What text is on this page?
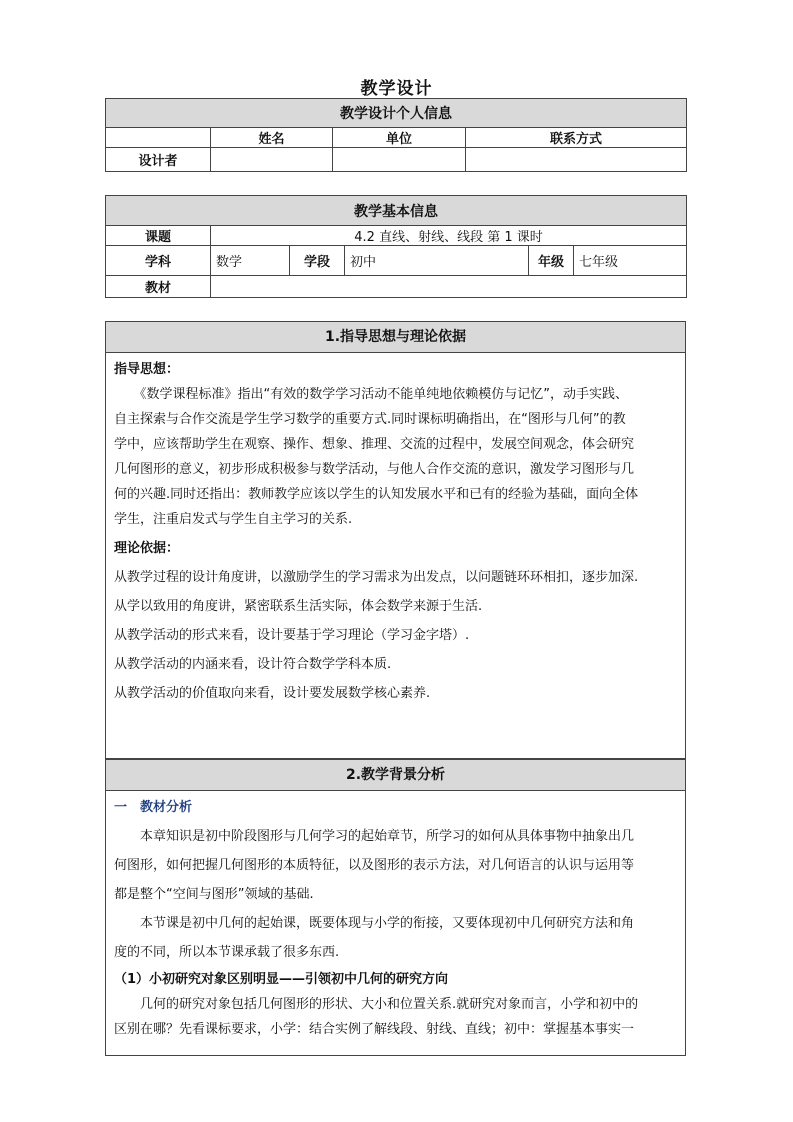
教学设计
教学设计个人信息			
	姓名	单位	联系方式
设计者			
教学基本信息					
课题	4.2 直线、射线、线段 第 1 课时				
学科	数学	学段	初中	年级	七年级
教材					
1.指导思想与理论依据

指导思想：

《数学课程标准》指出“有效的数学学习活动不能单纯地依赖模仿与记忆”，动手实践、

自主探索与合作交流是学生学习数学的重要方式.同时课标明确指出，在“图形与几何”的教

学中，应该帮助学生在观察、操作、想象、推理、交流的过程中，发展空间观念，体会研究

几何图形的意义，初步形成积极参与数学活动，与他人合作交流的意识，激发学习图形与几

何的兴趣.同时还指出：教师教学应该以学生的认知发展水平和已有的经验为基础，面向全体

学生，注重启发式与学生自主学习的关系.

理论依据：

从教学过程的设计角度讲，以激励学生的学习需求为出发点，以问题链环环相扣，逐步加深.

从学以致用的角度讲，紧密联系生活实际，体会数学来源于生活.

从教学活动的形式来看，设计要基于学习理论（学习金字塔）.

从教学活动的内涵来看，设计符合数学学科本质.

从教学活动的价值取向来看，设计要发展数学核心素养.

2.教学背景分析

一　教材分析

本章知识是初中阶段图形与几何学习的起始章节，所学习的如何从具体事物中抽象出几

何图形，如何把握几何图形的本质特征，以及图形的表示方法，对几何语言的认识与运用等

都是整个“空间与图形”领域的基础.

本节课是初中几何的起始课，既要体现与小学的衔接，又要体现初中几何研究方法和角

度的不同，所以本节课承载了很多东西.

（1）小初研究对象区别明显——引领初中几何的研究方向

几何的研究对象包括几何图形的形状、大小和位置关系.就研究对象而言，小学和初中的

区别在哪？先看课标要求，小学：结合实例了解线段、射线、直线；初中：掌握基本事实一
